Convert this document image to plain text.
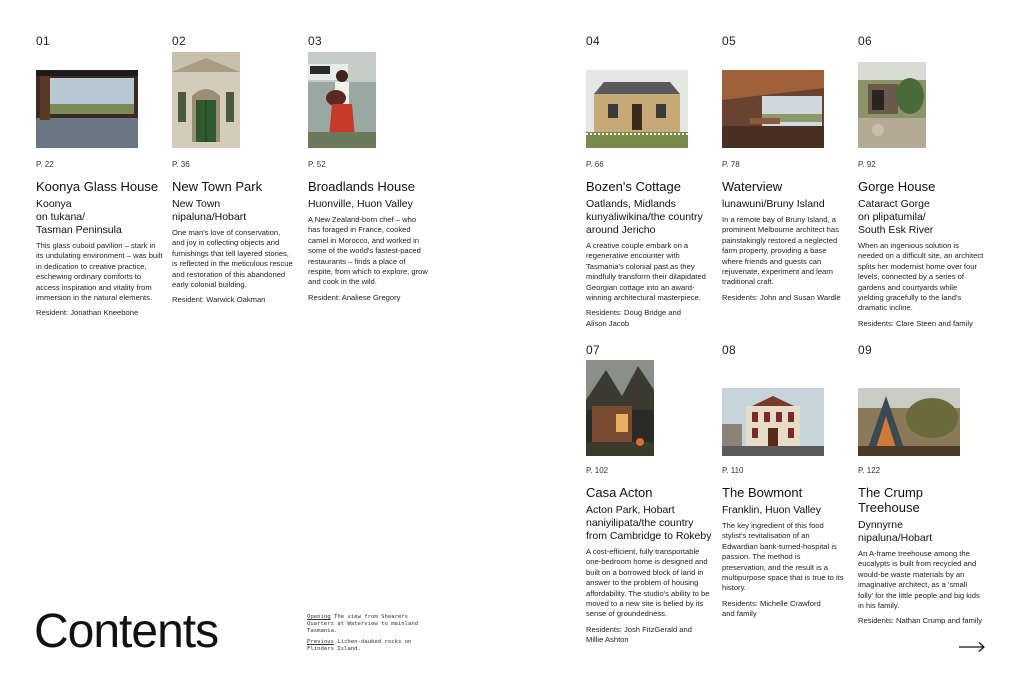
01	02	03	04	05	06
07	08	09

P. 22

Koonya Glass House

Koonya
on tukana/
Tasman Peninsula

This glass cuboid pavilion – stark in its undulating environment – was built in dedication to creative practice, eschewing ordinary comforts to access inspiration and vitality from immersion in the natural elements.

Resident: Jonathan Kneebone

P. 36

New Town Park

New Town
nipaluna/Hobart

One man's love of conservation, and joy in collecting objects and furnishings that tell layered stories, is reflected in the meticulous rescue and restoration of this abandoned early colonial building.

Resident: Warwick Oakman

P. 52

Broadlands House

Huonville, Huon Valley

A New Zealand-born chef – who has foraged in France, cooked camel in Morocco, and worked in some of the world's fastest-paced restaurants – finds a place of respite, from which to explore, grow and cook in the wild.

Resident: Analiese Gregory

P. 66

Bozen's Cottage

Oatlands, Midlands
kunyaliwikina/the country
around Jericho

A creative couple embark on a regenerative encounter with Tasmania's colonial past as they mindfully transform their dilapidated Georgian cottage into an award-winning architectural masterpiece.

Residents: Doug Bridge and
Alison Jacob

P. 78

Waterview

lunawuni/Bruny Island

In a remote bay of Bruny Island, a prominent Melbourne architect has painstakingly restored a neglected farm property, providing a base where friends and guests can rejuvenate, experiment and learn traditional craft.

Residents: John and Susan Wardle

P. 92

Gorge House

Cataract Gorge
on plipatumila/
South Esk River

When an ingenious solution is needed on a difficult site, an architect splits her modernist home over four levels, connected by a series of gardens and courtyards while yielding gracefully to the land's dramatic incline.

Residents: Clare Steen and family

P. 102

Casa Acton

Acton Park, Hobart
naniyilipata/the country
from Cambridge to Rokeby

A cost-efficient, fully transportable one-bedroom home is designed and built on a borrowed block of land in answer to the problem of housing affordability. The studio's ability to be moved to a new site is belied by its sense of groundedness.

Residents: Josh FitzGerald and
Millie Ashton

P. 110

The Bowmont

Franklin, Huon Valley

The key ingredient of this food stylist's revitalisation of an Edwardian bank-turned-hospital is passion. The method is preservation, and the result is a multipurpose space that is true to its history.

Residents: Michelle Crawford
and family

P. 122

The Crump
Treehouse

Dynnyrne
nipaluna/Hobart

An A-frame treehouse among the eucalypts is built from recycled and would-be waste materials by an imaginative architect, as a 'small folly' for the little people and big kids in his family.

Residents: Nathan Crump and family

Contents	Opening The view from Shearers Quarters at Waterview to mainland Tasmania.

Previous Lichen-daubed rocks on Flinders Island.
